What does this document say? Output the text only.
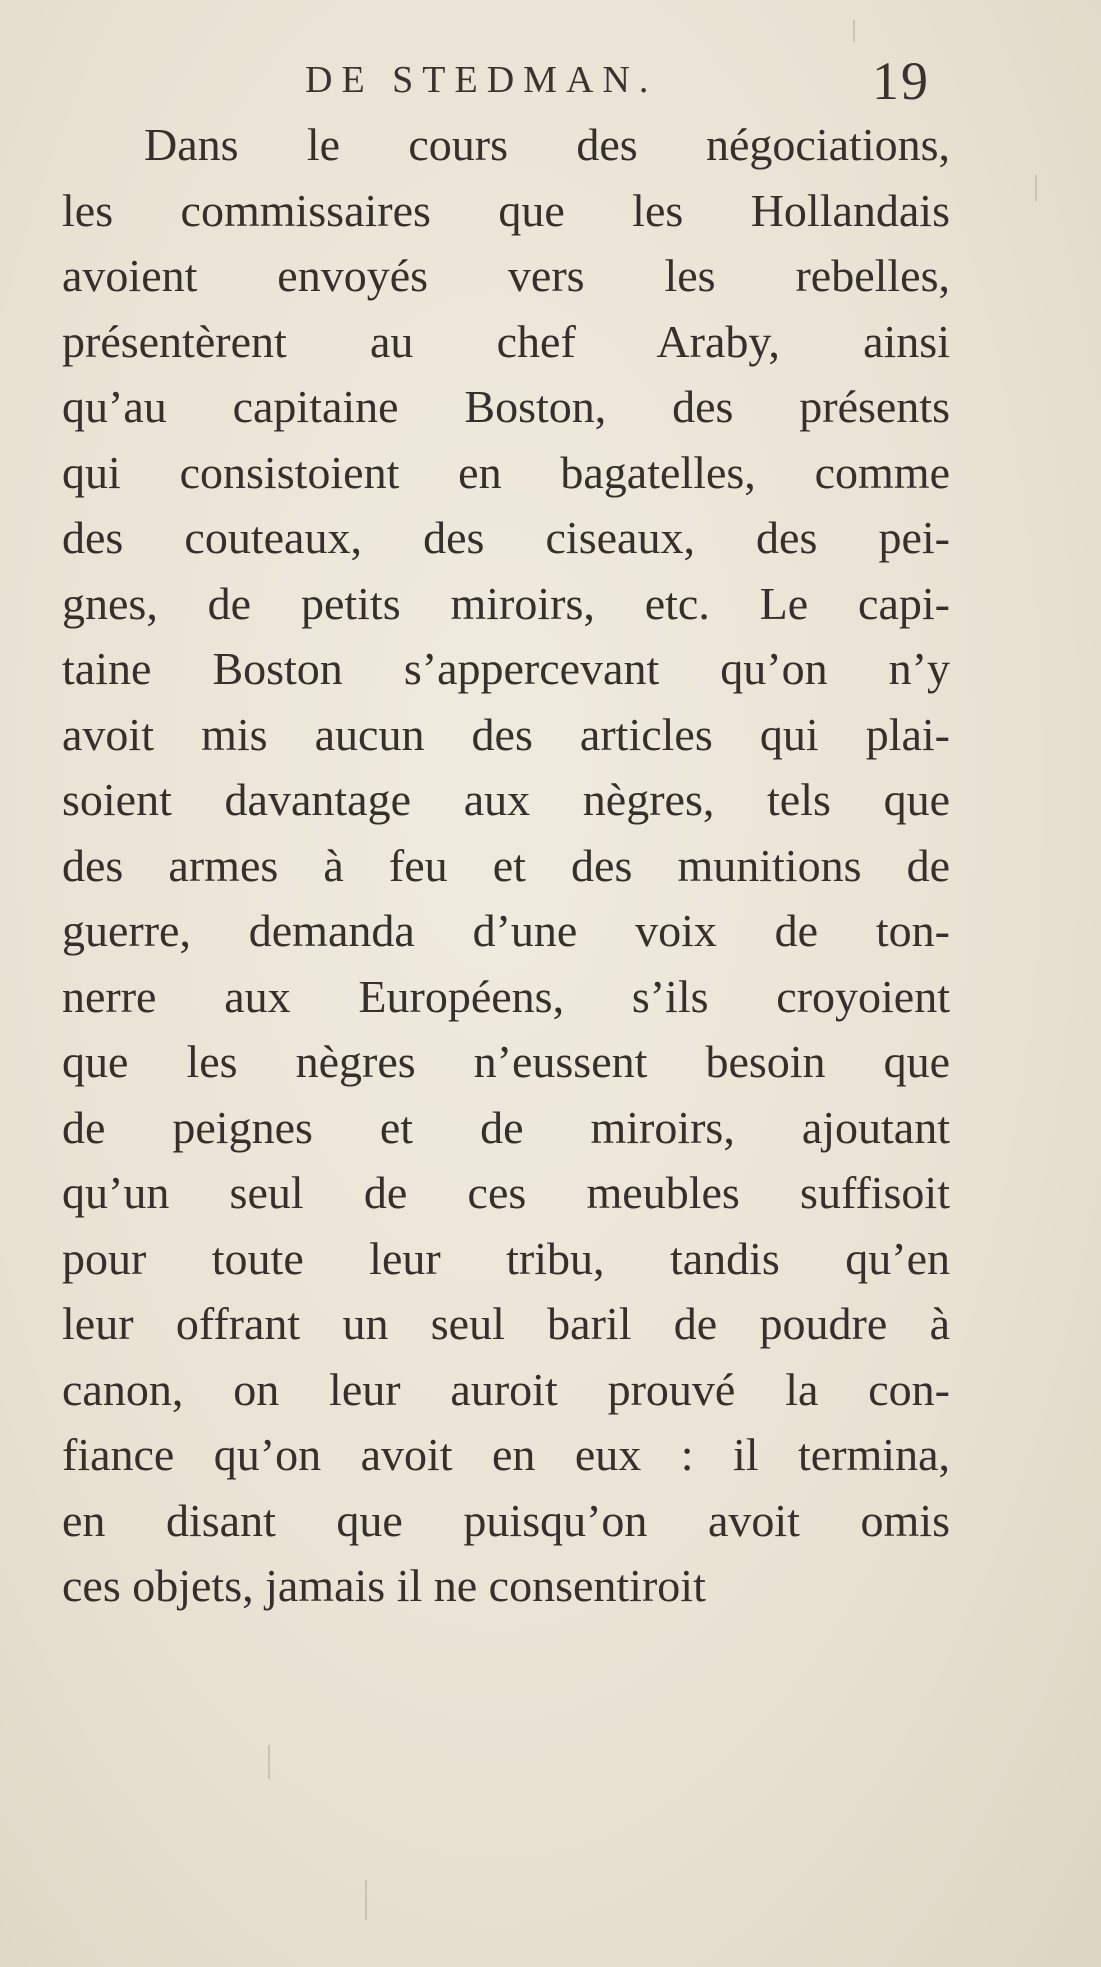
DE STEDMAN.	19
Dans le cours des négociations,
les commissaires que les Hollandais
avoient envoyés vers les rebelles,
présentèrent au chef Araby, ainsi
qu’au capitaine Boston, des présents
qui consistoient en bagatelles, comme
des couteaux, des ciseaux, des pei-
gnes, de petits miroirs, etc. Le capi-
taine Boston s’appercevant qu’on n’y
avoit mis aucun des articles qui plai-
soient davantage aux nègres, tels que
des armes à feu et des munitions de
guerre, demanda d’une voix de ton-
nerre aux Européens, s’ils croyoient
que les nègres n’eussent besoin que
de peignes et de miroirs, ajoutant
qu’un seul de ces meubles suffisoit
pour toute leur tribu, tandis qu’en
leur offrant un seul baril de poudre à
canon, on leur auroit prouvé la con-
fiance qu’on avoit en eux : il termina,
en disant que puisqu’on avoit omis
ces objets, jamais il ne consentiroit
